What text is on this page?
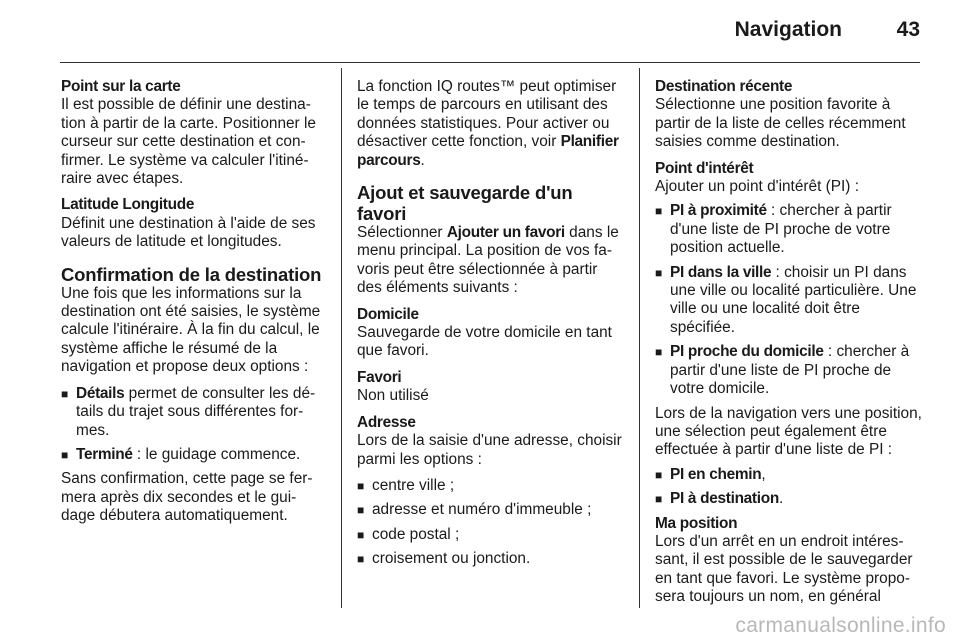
Navigation	43
Point sur la carte

Il est possible de définir une destination à partir de la carte. Positionner le curseur sur cette destination et confirmer. Le système va calculer l'itinéraire avec étapes.

Latitude Longitude

Définit une destination à l'aide de ses valeurs de latitude et longitudes.

Confirmation de la destination

Une fois que les informations sur la destination ont été saisies, le système calcule l'itinéraire. À la fin du calcul, le système affiche le résumé de la navigation et propose deux options :

■ Détails permet de consulter les détails du trajet sous différentes formes.
■ Terminé : le guidage commence.

Sans confirmation, cette page se fermera après dix secondes et le guidage débutera automatiquement.

La fonction IQ routes™ peut optimiser le temps de parcours en utilisant des données statistiques. Pour activer ou désactiver cette fonction, voir Planifier parcours.

Ajout et sauvegarde d'un favori

Sélectionner Ajouter un favori dans le menu principal. La position de vos favoris peut être sélectionnée à partir des éléments suivants :

Domicile

Sauvegarde de votre domicile en tant que favori.

Favori

Non utilisé

Adresse

Lors de la saisie d'une adresse, choisir parmi les options :

■ centre ville ;
■ adresse et numéro d'immeuble ;
■ code postal ;
■ croisement ou jonction.
Destination récente

Sélectionne une position favorite à partir de la liste de celles récemment saisies comme destination.

Point d'intérêt

Ajouter un point d'intérêt (PI) :

■ PI à proximité : chercher à partir d'une liste de PI proche de votre position actuelle.
■ PI dans la ville : choisir un PI dans une ville ou localité particulière. Une ville ou une localité doit être spécifiée.
■ PI proche du domicile : chercher à partir d'une liste de PI proche de votre domicile.

Lors de la navigation vers une position, une sélection peut également être effectuée à partir d'une liste de PI :

■ PI en chemin,
■ PI à destination.
Ma position

Lors d'un arrêt en un endroit intéressant, il est possible de le sauvegarder en tant que favori. Le système proposera toujours un nom, en général

carmanualsonline.info
